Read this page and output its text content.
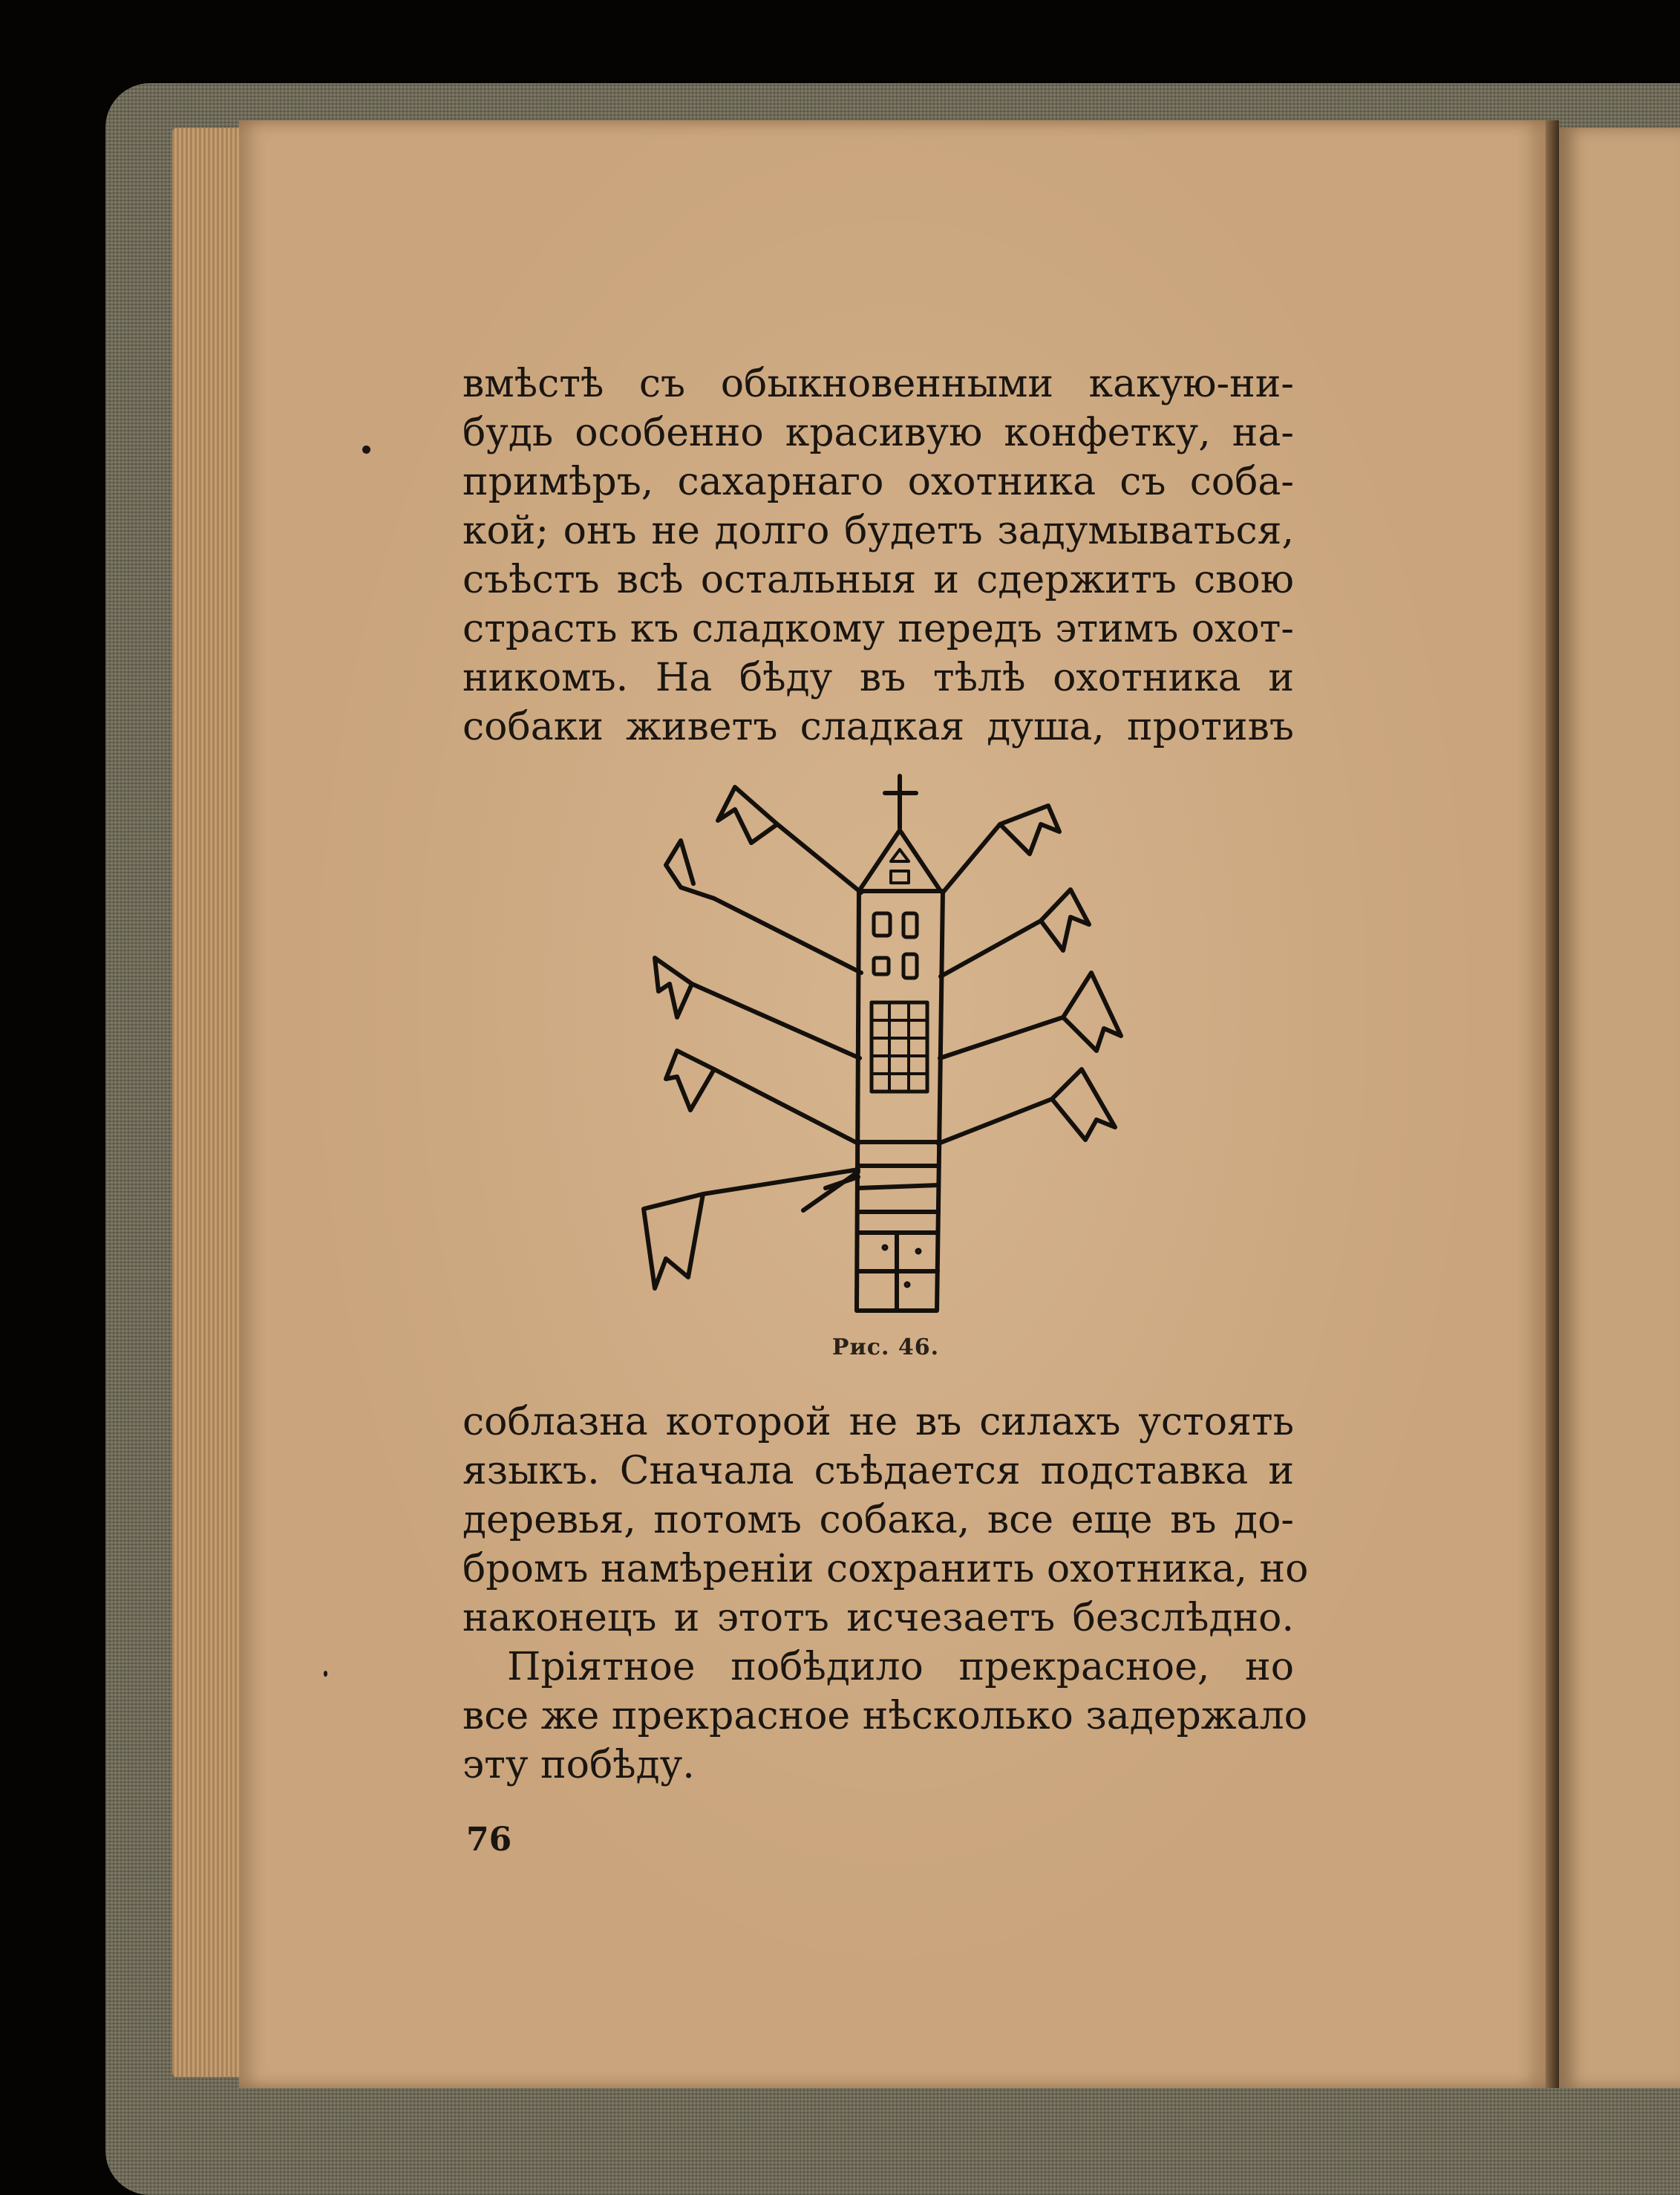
вмѣстѣ съ обыкновенными какую-ни-
будь особенно красивую конфетку, на-
примѣръ, сахарнаго охотника съ соба-
кой; онъ не долго будетъ задумываться,
съѣстъ всѣ остальныя и сдержитъ свою
страсть къ сладкому передъ этимъ охот-
никомъ. На бѣду въ тѣлѣ охотника и
собаки живетъ сладкая душа, противъ
Рис. 46.
соблазна которой не въ силахъ устоять
языкъ. Сначала съѣдается подставка и
деревья, потомъ собака, все еще въ до-
бромъ намѣреніи сохранить охотника, но
наконецъ и этотъ исчезаетъ безслѣдно.
Пріятное побѣдило прекрасное, но
все же прекрасное нѣсколько задержало
эту побѣду.
76
